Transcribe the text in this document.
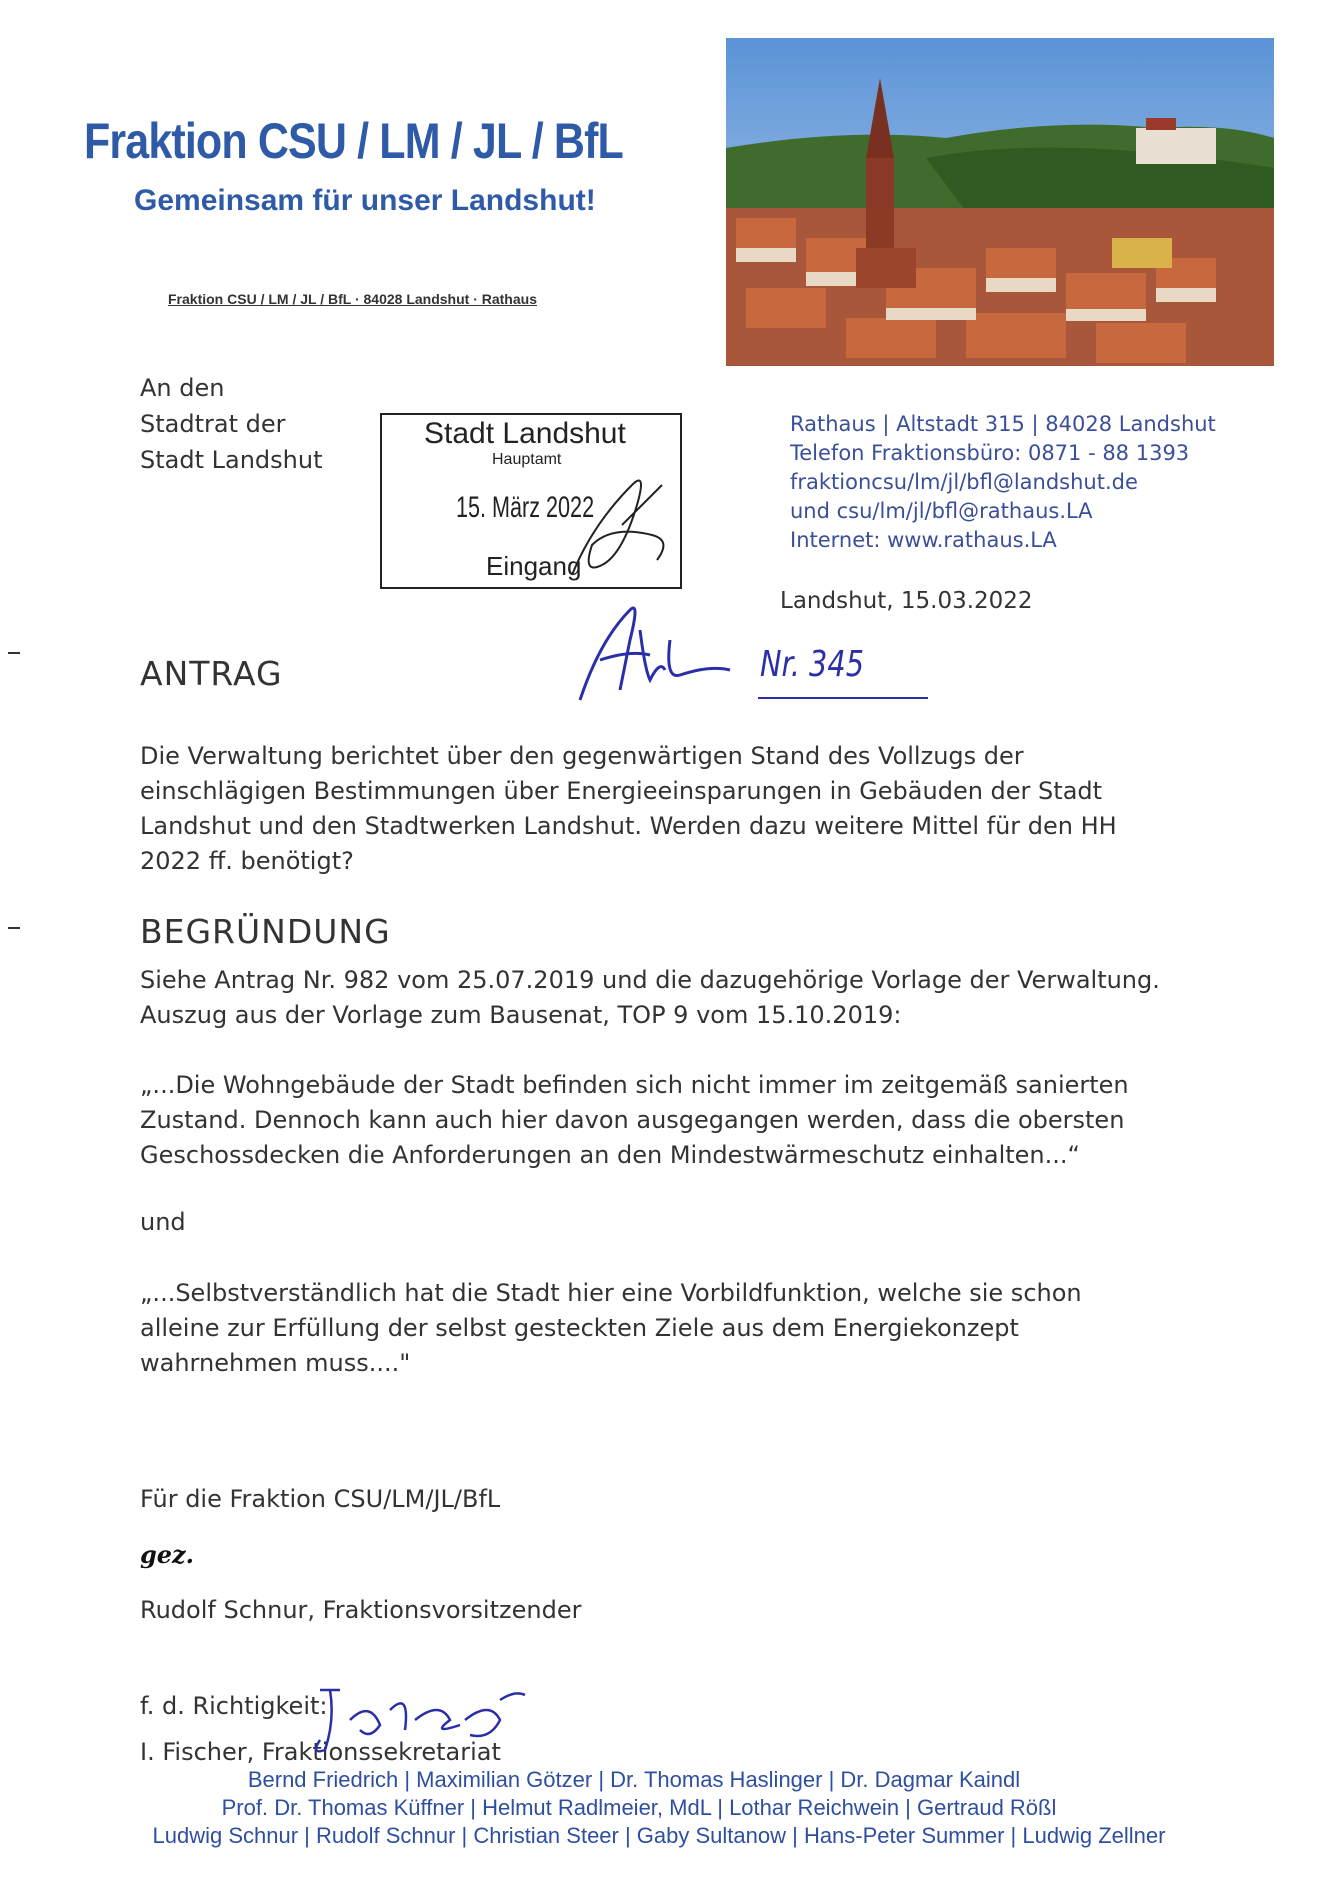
Fraktion CSU / LM / JL / BfL
Gemeinsam für unser Landshut!
Fraktion CSU / LM / JL / BfL · 84028 Landshut · Rathaus
An den
Stadtrat der
Stadt Landshut
Stadt Landshut
Hauptamt
15. März 2022
Eingang
Rathaus | Altstadt 315 | 84028 Landshut
Telefon Fraktionsbüro: 0871 - 88 1393
fraktioncsu/lm/jl/bfl@landshut.de
und csu/lm/jl/bfl@rathaus.LA
Internet: www.rathaus.LA
Landshut, 15.03.2022
Nr. 345
ANTRAG
Die Verwaltung berichtet über den gegenwärtigen Stand des Vollzugs der einschlägigen Bestimmungen über Energieeinsparungen in Gebäuden der Stadt Landshut und den Stadtwerken Landshut. Werden dazu weitere Mittel für den HH 2022 ff. benötigt?
BEGRÜNDUNG
Siehe Antrag Nr. 982 vom 25.07.2019 und die dazugehörige Vorlage der Verwaltung.
Auszug aus der Vorlage zum Bausenat, TOP 9 vom 15.10.2019:
„...Die Wohngebäude der Stadt befinden sich nicht immer im zeitgemäß sanierten Zustand. Dennoch kann auch hier davon ausgegangen werden, dass die obersten Geschossdecken die Anforderungen an den Mindestwärmeschutz einhalten...“
und
„...Selbstverständlich hat die Stadt hier eine Vorbildfunktion, welche sie schon alleine zur Erfüllung der selbst gesteckten Ziele aus dem Energiekonzept wahrnehmen muss...."
Für die Fraktion CSU/LM/JL/BfL
gez.
Rudolf Schnur, Fraktionsvorsitzender
f. d. Richtigkeit:
I. Fischer, Fraktionssekretariat
Bernd Friedrich | Maximilian Götzer | Dr. Thomas Haslinger | Dr. Dagmar Kaindl
Prof. Dr. Thomas Küffner | Helmut Radlmeier, MdL | Lothar Reichwein | Gertraud Rößl
Ludwig Schnur | Rudolf Schnur | Christian Steer | Gaby Sultanow | Hans-Peter Summer | Ludwig Zellner
